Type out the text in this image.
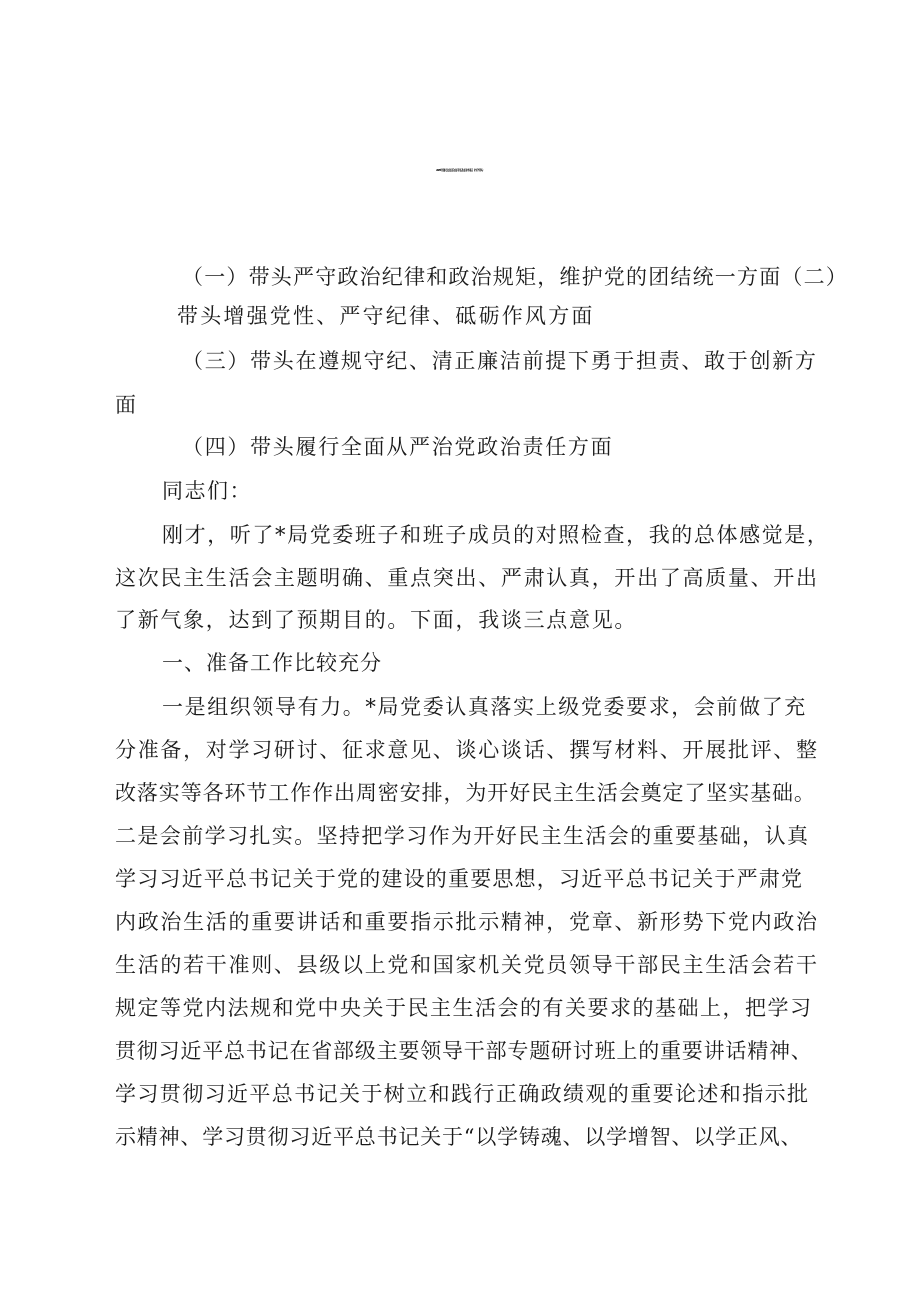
2025年度民主生活会主持及总结点评讲话（四个带头）
（一）带头严守政治纪律和政治规矩，维护党的团结统一方面（二）
带头增强党性、严守纪律、砥砺作风方面
（三）带头在遵规守纪、清正廉洁前提下勇于担责、敢于创新方
面
（四）带头履行全面从严治党政治责任方面
同志们：
刚才，听了*局党委班子和班子成员的对照检查，我的总体感觉是，
这次民主生活会主题明确、重点突出、严肃认真，开出了高质量、开出
了新气象，达到了预期目的。下面，我谈三点意见。
一、准备工作比较充分
一是组织领导有力。*局党委认真落实上级党委要求，会前做了充
分准备，对学习研讨、征求意见、谈心谈话、撰写材料、开展批评、整
改落实等各环节工作作出周密安排，为开好民主生活会奠定了坚实基础。
二是会前学习扎实。坚持把学习作为开好民主生活会的重要基础，认真
学习习近平总书记关于党的建设的重要思想，习近平总书记关于严肃党
内政治生活的重要讲话和重要指示批示精神，党章、新形势下党内政治
生活的若干准则、县级以上党和国家机关党员领导干部民主生活会若干
规定等党内法规和党中央关于民主生活会的有关要求的基础上，把学习
贯彻习近平总书记在省部级主要领导干部专题研讨班上的重要讲话精神、
学习贯彻习近平总书记关于树立和践行正确政绩观的重要论述和指示批
示精神、学习贯彻习近平总书记关于“以学铸魂、以学增智、以学正风、
